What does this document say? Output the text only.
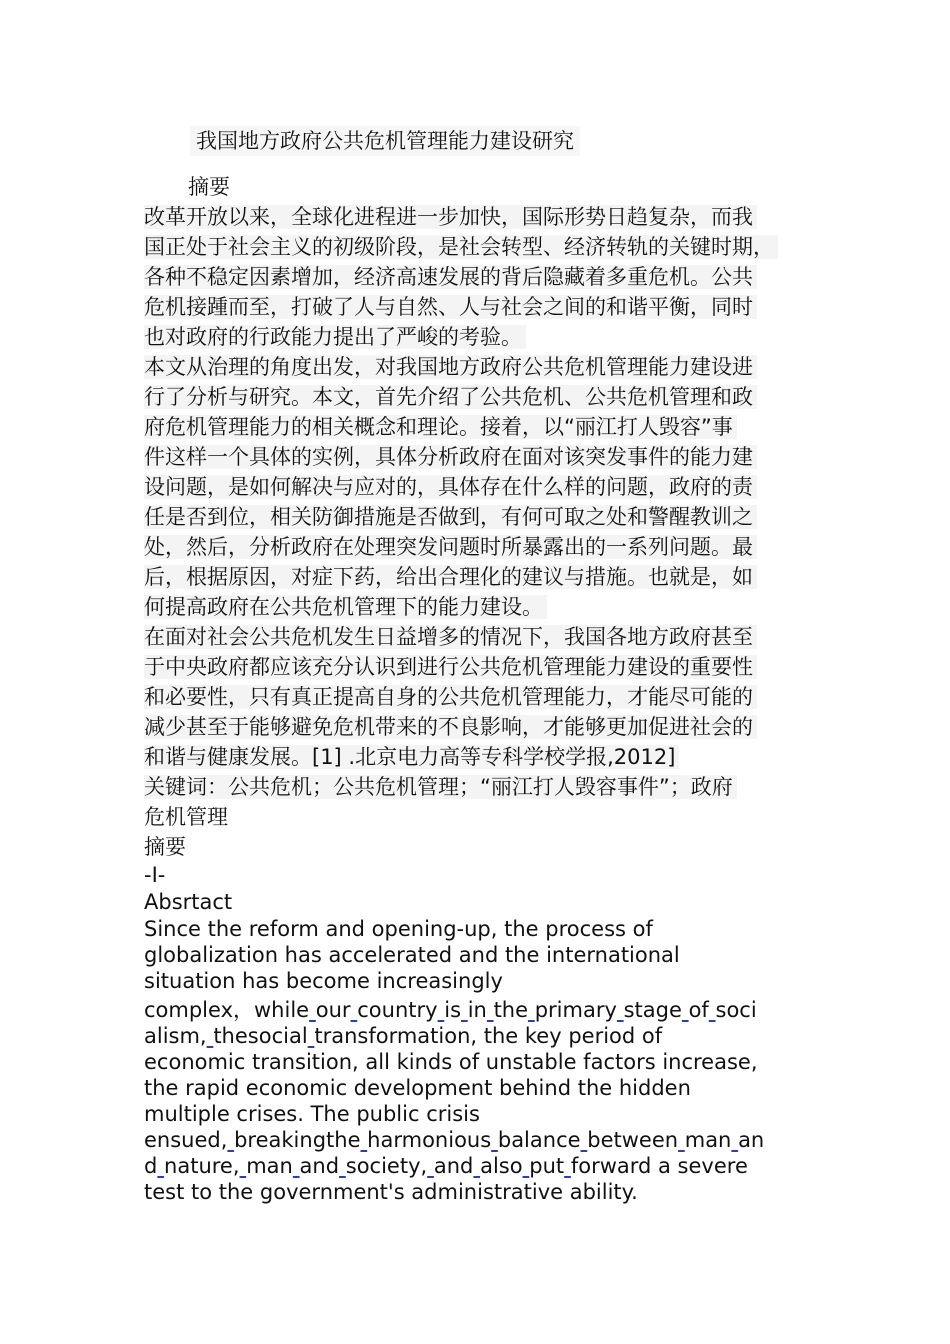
我国地方政府公共危机管理能力建设研究
摘要

改革开放以来，全球化进程进一步加快，国际形势日趋复杂，而我

国正处于社会主义的初级阶段，是社会转型、经济转轨的关键时期，

各种不稳定因素增加，经济高速发展的背后隐藏着多重危机。公共

危机接踵而至，打破了人与自然、人与社会之间的和谐平衡，同时

也对政府的行政能力提出了严峻的考验。

本文从治理的角度出发，对我国地方政府公共危机管理能力建设进

行了分析与研究。本文，首先介绍了公共危机、公共危机管理和政

府危机管理能力的相关概念和理论。接着，以“丽江打人毁容”事

件这样一个具体的实例，具体分析政府在面对该突发事件的能力建

设问题，是如何解决与应对的，具体存在什么样的问题，政府的责

任是否到位，相关防御措施是否做到，有何可取之处和警醒教训之

处，然后，分析政府在处理突发问题时所暴露出的一系列问题。最

后，根据原因，对症下药，给出合理化的建议与措施。也就是，如

何提高政府在公共危机管理下的能力建设。

在面对社会公共危机发生日益增多的情况下，我国各地方政府甚至

于中央政府都应该充分认识到进行公共危机管理能力建设的重要性

和必要性，只有真正提高自身的公共危机管理能力，才能尽可能的

减少甚至于能够避免危机带来的不良影响，才能够更加促进社会的

和谐与健康发展。[1] .北京电力高等专科学校学报,2012]

关键词：公共危机；公共危机管理；“丽江打人毁容事件”；政府

危机管理

摘要

-I-

Absrtact

Since the reform and opening-up, the process of

globalization has accelerated and the international

situation has become increasingly

complex，while our country is in the primary stage of soci

alism, thesocial transformation, the key period of

economic transition, all kinds of unstable factors increase,

the rapid economic development behind the hidden

multiple crises. The public crisis

ensued, breakingthe harmonious balance between man an

d nature, man and society, and also put forward a severe

test to the government's administrative ability.
